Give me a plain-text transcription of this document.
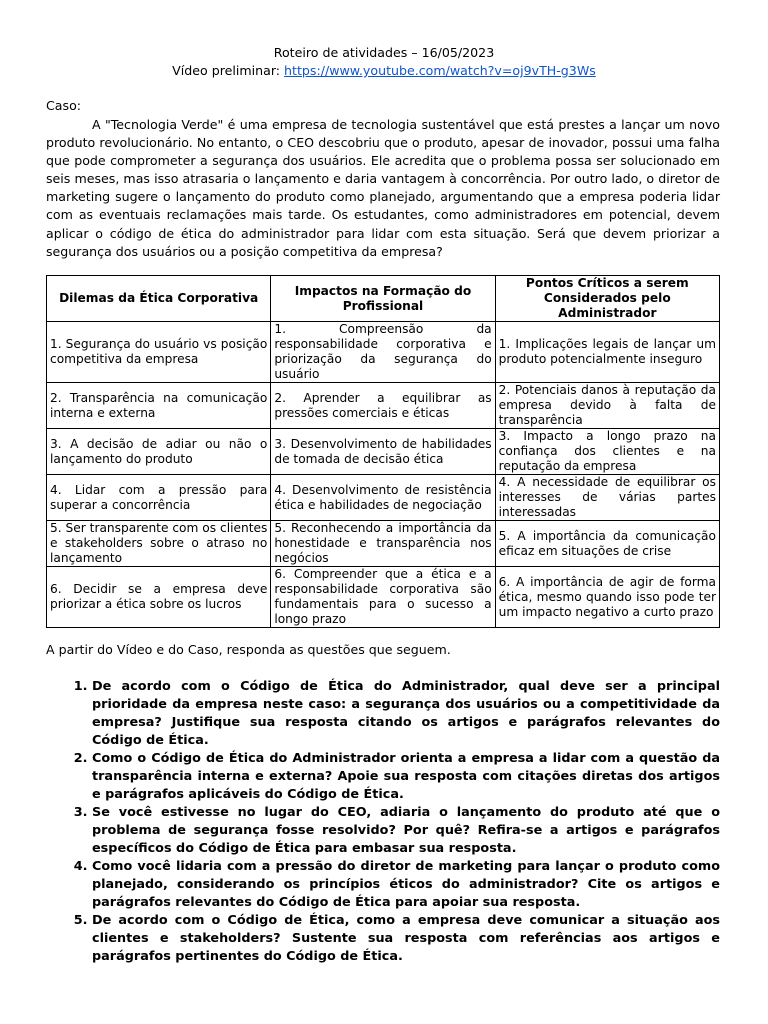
Roteiro de atividades – 16/05/2023
Vídeo preliminar: https://www.youtube.com/watch?v=oj9vTH-g3Ws
Caso:

A "Tecnologia Verde" é uma empresa de tecnologia sustentável que está prestes a lançar um novo produto revolucionário. No entanto, o CEO descobriu que o produto, apesar de inovador, possui uma falha que pode comprometer a segurança dos usuários. Ele acredita que o problema possa ser solucionado em seis meses, mas isso atrasaria o lançamento e daria vantagem à concorrência. Por outro lado, o diretor de marketing sugere o lançamento do produto como planejado, argumentando que a empresa poderia lidar com as eventuais reclamações mais tarde. Os estudantes, como administradores em potencial, devem aplicar o código de ética do administrador para lidar com esta situação. Será que devem priorizar a segurança dos usuários ou a posição competitiva da empresa?

Dilemas da Ética Corporativa	Impactos na Formação do Profissional	Pontos Críticos a serem Considerados pelo Administrador
1. Segurança do usuário vs posição competitiva da empresa	1. Compreensão da responsabilidade corporativa e priorização da segurança do usuário	1. Implicações legais de lançar um produto potencialmente inseguro
2. Transparência na comunicação interna e externa	2. Aprender a equilibrar as pressões comerciais e éticas	2. Potenciais danos à reputação da empresa devido à falta de transparência
3. A decisão de adiar ou não o lançamento do produto	3. Desenvolvimento de habilidades de tomada de decisão ética	3. Impacto a longo prazo na confiança dos clientes e na reputação da empresa
4. Lidar com a pressão para superar a concorrência	4. Desenvolvimento de resistência ética e habilidades de negociação	4. A necessidade de equilibrar os interesses de várias partes interessadas
5. Ser transparente com os clientes e stakeholders sobre o atraso no lançamento	5. Reconhecendo a importância da honestidade e transparência nos negócios	5. A importância da comunicação eficaz em situações de crise
6. Decidir se a empresa deve priorizar a ética sobre os lucros	6. Compreender que a ética e a responsabilidade corporativa são fundamentais para o sucesso a longo prazo	6. A importância de agir de forma ética, mesmo quando isso pode ter um impacto negativo a curto prazo
A partir do Vídeo e do Caso, responda as questões que seguem.
1. De acordo com o Código de Ética do Administrador, qual deve ser a principal prioridade da empresa neste caso: a segurança dos usuários ou a competitividade da empresa? Justifique sua resposta citando os artigos e parágrafos relevantes do Código de Ética.
2. Como o Código de Ética do Administrador orienta a empresa a lidar com a questão da transparência interna e externa? Apoie sua resposta com citações diretas dos artigos e parágrafos aplicáveis do Código de Ética.
3. Se você estivesse no lugar do CEO, adiaria o lançamento do produto até que o problema de segurança fosse resolvido? Por quê? Refira-se a artigos e parágrafos específicos do Código de Ética para embasar sua resposta.
4. Como você lidaria com a pressão do diretor de marketing para lançar o produto como planejado, considerando os princípios éticos do administrador? Cite os artigos e parágrafos relevantes do Código de Ética para apoiar sua resposta.
5. De acordo com o Código de Ética, como a empresa deve comunicar a situação aos clientes e stakeholders? Sustente sua resposta com referências aos artigos e parágrafos pertinentes do Código de Ética.
